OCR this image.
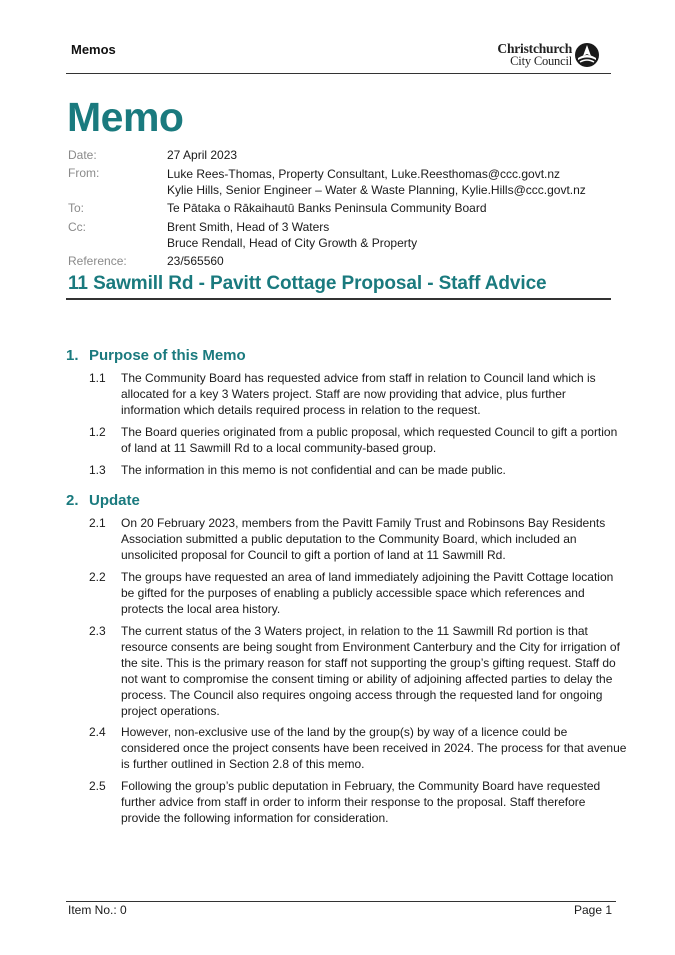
Memos	Christchurch
City Council
Memo
Date:	27 April 2023
From:	Luke Rees-Thomas, Property Consultant, Luke.Reesthomas@ccc.govt.nz
Kylie Hills, Senior Engineer – Water & Waste Planning, Kylie.Hills@ccc.govt.nz
To:	Te Pātaka o Rākaihautū Banks Peninsula Community Board
Cc:	Brent Smith, Head of 3 Waters
Bruce Rendall, Head of City Growth & Property
Reference:	23/565560
11 Sawmill Rd - Pavitt Cottage Proposal - Staff Advice
1. Purpose of this Memo
1.1 The Community Board has requested advice from staff in relation to Council land which is
allocated for a key 3 Waters project. Staff are now providing that advice, plus further
information which details required process in relation to the request.
1.2 The Board queries originated from a public proposal, which requested Council to gift a portion
of land at 11 Sawmill Rd to a local community-based group.
1.3 The information in this memo is not confidential and can be made public.
2. Update
2.1 On 20 February 2023, members from the Pavitt Family Trust and Robinsons Bay Residents
Association submitted a public deputation to the Community Board, which included an
unsolicited proposal for Council to gift a portion of land at 11 Sawmill Rd.
2.2 The groups have requested an area of land immediately adjoining the Pavitt Cottage location
be gifted for the purposes of enabling a publicly accessible space which references and
protects the local area history.
2.3 The current status of the 3 Waters project, in relation to the 11 Sawmill Rd portion is that
resource consents are being sought from Environment Canterbury and the City for irrigation of
the site. This is the primary reason for staff not supporting the group’s gifting request. Staff do
not want to compromise the consent timing or ability of adjoining affected parties to delay the
process. The Council also requires ongoing access through the requested land for ongoing
project operations.
2.4 However, non-exclusive use of the land by the group(s) by way of a licence could be
considered once the project consents have been received in 2024. The process for that avenue
is further outlined in Section 2.8 of this memo.
2.5 Following the group’s public deputation in February, the Community Board have requested
further advice from staff in order to inform their response to the proposal. Staff therefore
provide the following information for consideration.
Item No.: 0	Page 1
